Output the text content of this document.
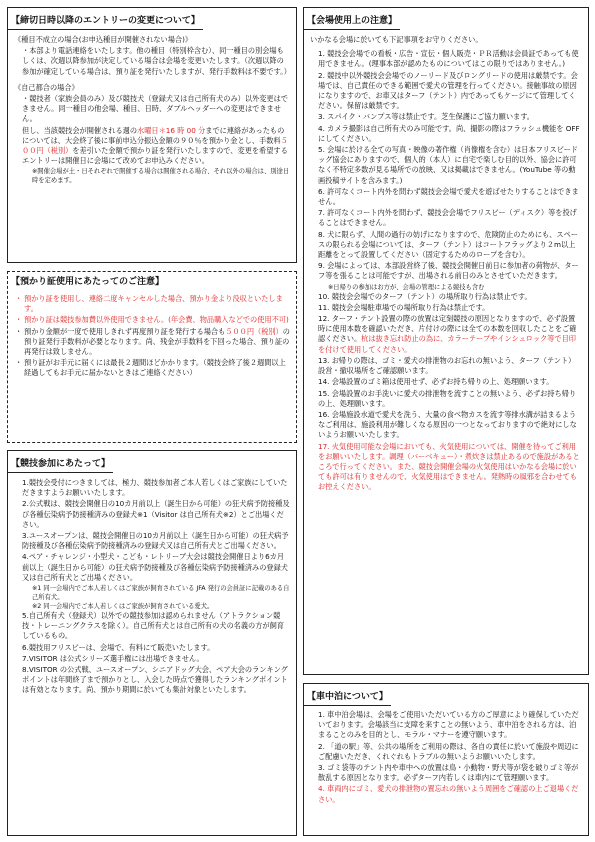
【締切日時以降のエントリーの変更について】
《種目不成立の場合(お申込種目が開催されない場合)》
・本部より電話連絡をいたします。他の種目（特別枠含む）、同一種目の別会場もしくは、次週以降参加が決定している場合は会場を変更いたします。（次週以降の参加が確定している場合は、預り証を発行いたしますが、発行手数料は不要です。）
《自己都合の場合》
・競技者（家族会員のみ）及び競技犬（登録犬又は自己所有犬のみ）以外変更はできません。同一種目の他会場、種目、日時、ダブルヘッダーへの変更はできません。
但し、当該競技会が開催される週の水曜日＊16 時 00 分までに連絡があったものについては、大会終了後に事前申込分振込金額の９０％を預かり金とし、手数料５００円（税別）を差引いた金額で預かり証を発行いたしますので、変更を希望するエントリーは開催日に会場にて改めてお申込みください。
※開催会場が土・日それぞれで開催する場合は開催される場合、それ以外の場合は、別途日時を定めます。
【預かり証使用にあたってのご注意】
・ 預かり証を使用し、連絡二度キャンセルした場合、預かり金より没収といたします。
・ 預かり証は競技参加費以外使用できません。(年会費、物品購入などでの使用不可)
・ 預かり金額が一度で使用しきれず再度預り証を発行する場合も５００円（税別）の預り証発行手数料が必要となります。尚、残金が手数料を下回った場合、預り証の再発行は致しません。
・ 預り証がお手元に届くには最長２週間ほどかかります。（競技会終了後２週間以上経過してもお手元に届かないときはご連絡ください）
【競技参加にあたって】
1.競技会受付につきましては、極力、競技参加者ご本人若しくはご家族にしていただきますようお願いいたします。
2.公式戦は、競技会開催日の10カ月前以上（誕生日から可能）の狂犬病予防接種及び各種伝染病予防接種済みの登録犬※1（Visitor は自己所有犬※2）とご出場ください。
3.ユースオープンは、競技会開催日の10カ月前以上（誕生日から可能）の狂犬病予防接種及び各種伝染病予防接種済みの登録犬又は自己所有犬とご出場ください。
4.ペア・チャレンジ・小型犬・こども・レトリーブ大会は競技会開催日より6カ月前以上（誕生日から可能）の狂犬病予防接種及び各種伝染病予防接種済みの登録犬又は自己所有犬とご出場ください。
※1 同一会場内でご本人若しくはご家族が飼育されている JFA 発行の会員証に記載のある自己所有犬。
※2 同一会場内でご本人若しくはご家族が飼育されている愛犬。
5.自己所有犬（登録犬）以外での競技参加は認められません（アトラクション競技・トレーニングクラスを除く）。自己所有犬とは自己所有の犬の名義の方が飼育しているもの。
6.競技用フリスビーは、会場で、有料にて販売いたします。
7.VISITOR は公式シリーズ選手権には出場できません。
8.VISITOR の公式戦、ユースオープン、シニアドッグ大会、ペア大会のランキングポイントは年間終了まで預かりとし、入会した時点で獲得したランキングポイントは有効となります。尚、預かり期間に於いても集計対象といたします。
【会場使用上の注意】
いかなる会場に於いても下記事項をお守りください。
1. 競技会会場での看板・広告・宣伝・個人販売・ＰＲ活動は会員証であっても使用できません。(理事本部が認めたものについてはこの限りではありません。)
2. 競技中以外競技会会場でのノーリード及びロングリードの使用は厳禁です。会場では、自己責任のできる範囲で愛犬の管理を行ってください。接触事故の原因になりますので、お車又はターフ（テント）内であってもケージにて管理してください。保留は厳禁です。
3. スパイク・バンプス等は禁止です。芝生保護にご協力願います。
4. カメラ撮影は自己所有犬のみ可能です。尚、撮影の際はフラッシュ機能を OFF にしてください。
5. 会場に於ける全ての写真・映像の著作権（肖像権を含む）は日本フリスビードッグ協会にありますので、個人的（本人）に自宅で楽しむ目的以外、協会に許可なく不特定多数が見る場所での放映、又は掲載はできません。(YouTube 等の動画投稿サイトを含みます。)
6. 許可なくコート内外を問わず競技会会場で愛犬を遊ばせたりすることはできません。
7. 許可なくコート内外を問わず、競技会会場でフリスビー（ディスク）等を投げることはできません。
8. 犬に限らず、人間の過行の妨げになりますので、危険防止のためにも、スペースの限られる会場については、ターフ（テント）はコートフラッグより２m以上距離をとって設置してください（固定するためのロープを含む）。
9. 会場によっては、本部設営終了後、競技会開催日前日に参加者の荷物が、ターフ等を張ることは可能ですが、出場される前日のみとさせていただきます。
※日帰りの参加はお方が、会場の管理による競技も含む
10. 競技会会場でのターフ（テント）の場所取り行為は禁止です。
11. 競技会会場駐車場での場所取り行為は禁止です。
12. ターフ・テント設置の際の放置は定刻競技の原因となりますので、必ず設置時に使用本数を確認いただき、片付けの際には全ての本数を回収したことをご確認ください。杭は抜き忘れ防止の為に、カラーテープやインシュロック等で目印を付けて使用してください。
13. お帰りの際は、ゴミ・愛犬の排泄物のお忘れの無いよう、ターフ（テント）設営・撤収場所をご確認願います。
14. 会場設置のゴミ箱は使用せず、必ずお持ち帰りの上、処理願います。
15. 会場設置のお手洗いに愛犬の排泄物を流すことの無いよう、必ずお持ち帰りの上、処理願います。
16. 会場施設水道で愛犬を洗う、大量の食べ物カスを流す等排水溝が詰まるようなご利用は、施設利用が難しくなる原因の一つとなっておりますので絶対にしないようお願いいたします。
17. 火気使用可能な会場においても、火気使用については、開催を待ってご利用をお願いいたします。調理（バーベキュー）・煮炊きは禁止あるので施設があるところで行ってください。また、競技会開催会場の火気使用はいかなる会場に於いても許可は有りませんので、火気使用はできません。発熱時の風邪を合わせてもお控えください。
【車中泊について】
1. 車中泊会場は、会場をご使用いただいている方のご厚意により確保していただいております。会場該当に支障を来すことの無いよう、車中泊をされる方は、泊まることのみを目的とし、モラル・マナーを遵守願います。
2. 「道の駅」等、公共の場所をご利用の際は、各自の責任に於いて施設や周辺にご配慮いただき、くれぐれもトラブルの無いようお願いいたします。
3. ゴミ袋等のテント内や車中への放置は鳥・小動物・野犬等が袋を破りゴミ等が散乱する原因となります。必ずターフ内若しくは車内にて管理願います。
4. 車両内にゴミ、愛犬の排泄物の置忘れの無いよう周囲をご確認の上ご退場ください。
